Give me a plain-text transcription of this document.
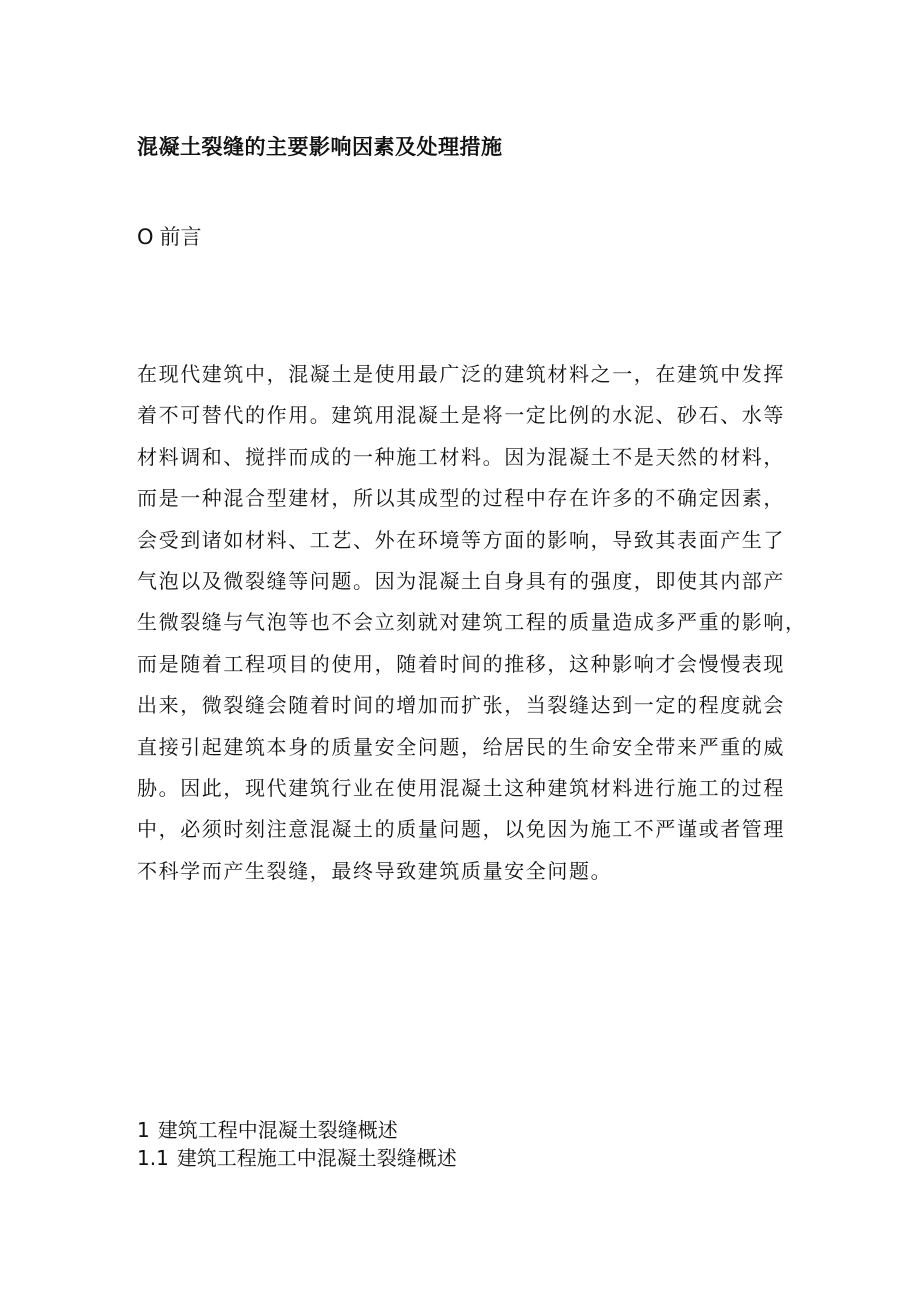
混凝土裂缝的主要影响因素及处理措施
O 前言
在现代建筑中，混凝土是使用最广泛的建筑材料之一，在建筑中发挥
着不可替代的作用。建筑用混凝土是将一定比例的水泥、砂石、水等
材料调和、搅拌而成的一种施工材料。因为混凝土不是天然的材料，
而是一种混合型建材，所以其成型的过程中存在许多的不确定因素，
会受到诸如材料、工艺、外在环境等方面的影响，导致其表面产生了
气泡以及微裂缝等问题。因为混凝土自身具有的强度，即使其内部产
生微裂缝与气泡等也不会立刻就对建筑工程的质量造成多严重的影响，
而是随着工程项目的使用，随着时间的推移，这种影响才会慢慢表现
出来，微裂缝会随着时间的增加而扩张，当裂缝达到一定的程度就会
直接引起建筑本身的质量安全问题，给居民的生命安全带来严重的威
胁。因此，现代建筑行业在使用混凝土这种建筑材料进行施工的过程
中，必须时刻注意混凝土的质量问题，以免因为施工不严谨或者管理
不科学而产生裂缝，最终导致建筑质量安全问题。
1 建筑工程中混凝土裂缝概述
1.1 建筑工程施工中混凝土裂缝概述
